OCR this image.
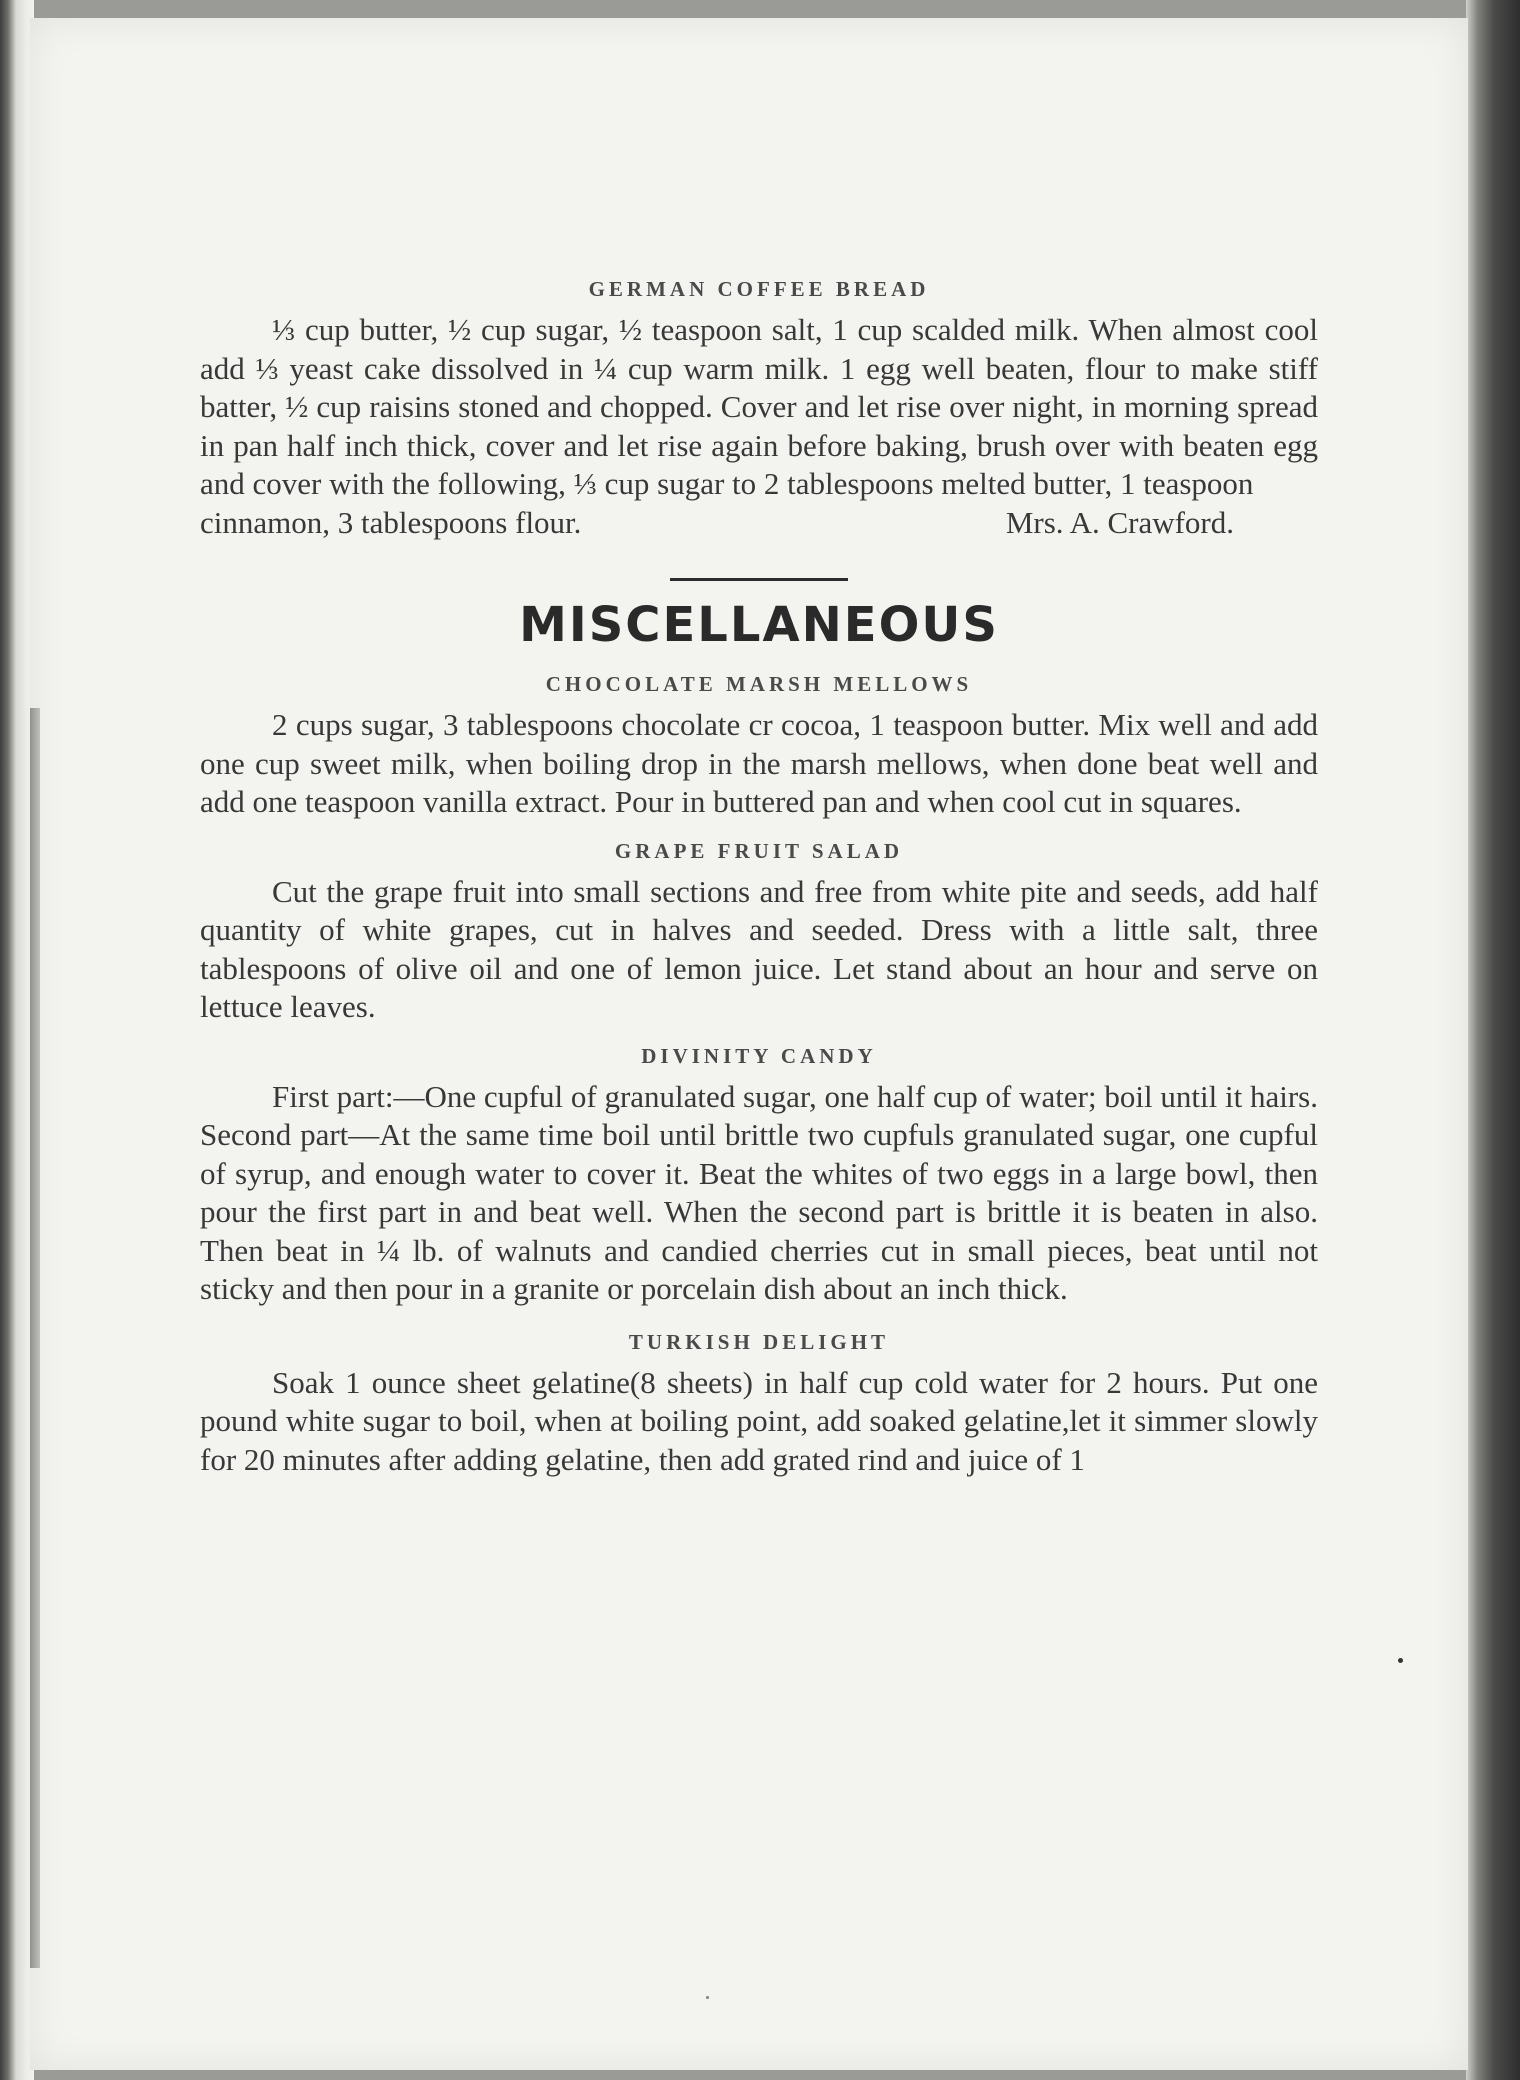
GERMAN COFFEE BREAD
⅓ cup butter, ½ cup sugar, ½ teaspoon salt, 1 cup scalded milk. When almost cool add ⅓ yeast cake dissolved in ¼ cup warm milk. 1 egg well beaten, flour to make stiff batter, ½ cup raisins stoned and chopped. Cover and let rise over night, in morning spread in pan half inch thick, cover and let rise again before baking, brush over with beaten egg and cover with the following, ⅓ cup sugar to 2 tablespoons melted butter, 1 teaspoon
cinnamon, 3 tablespoons flour.	Mrs. A. Crawford.
MISCELLANEOUS
CHOCOLATE MARSH MELLOWS

2 cups sugar, 3 tablespoons chocolate cr cocoa, 1 teaspoon butter. Mix well and add one cup sweet milk, when boiling drop in the marsh mellows, when done beat well and add one teaspoon vanilla extract. Pour in buttered pan and when cool cut in squares.

GRAPE FRUIT SALAD

Cut the grape fruit into small sections and free from white pite and seeds, add half quantity of white grapes, cut in halves and seeded. Dress with a little salt, three tablespoons of olive oil and one of lemon juice. Let stand about an hour and serve on lettuce leaves.

DIVINITY CANDY

First part:—One cupful of granulated sugar, one half cup of water; boil until it hairs. Second part—At the same time boil until brittle two cupfuls granulated sugar, one cupful of syrup, and enough water to cover it. Beat the whites of two eggs in a large bowl, then pour the first part in and beat well. When the second part is brittle it is beaten in also. Then beat in ¼ lb. of walnuts and candied cherries cut in small pieces, beat until not sticky and then pour in a granite or porcelain dish about an inch thick.

TURKISH DELIGHT

Soak 1 ounce sheet gelatine(8 sheets) in half cup cold water for 2 hours. Put one pound white sugar to boil, when at boiling point, add soaked gelatine,let it simmer slowly for 20 minutes after adding gelatine, then add grated rind and juice of 1
